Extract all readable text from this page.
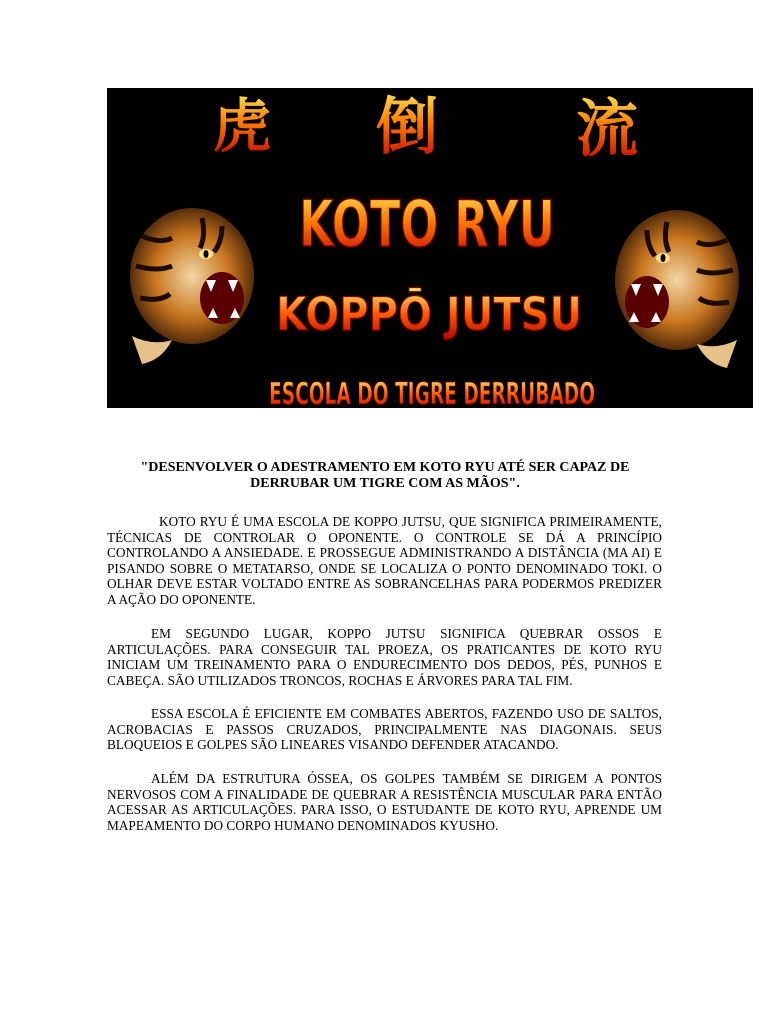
虎 倒 流
KOTO RYU
KOPPŌ JUTSU
ESCOLA DO TIGRE DERRUBADO

"DESENVOLVER O ADESTRAMENTO EM KOTO RYU ATÉ SER CAPAZ DE DERRUBAR UM TIGRE COM AS MÃOS".

KOTO RYU É UMA ESCOLA DE KOPPO JUTSU, QUE SIGNIFICA PRIMEIRAMENTE, TÉCNICAS DE CONTROLAR O OPONENTE. O CONTROLE SE DÁ A PRINCÍPIO CONTROLANDO A ANSIEDADE. E PROSSEGUE ADMINISTRANDO A DISTÂNCIA (MA AI) E PISANDO SOBRE O METATARSO, ONDE SE LOCALIZA O PONTO DENOMINADO TOKI. O OLHAR DEVE ESTAR VOLTADO ENTRE AS SOBRANCELHAS PARA PODERMOS PREDIZER A AÇÃO DO OPONENTE.

EM SEGUNDO LUGAR, KOPPO JUTSU SIGNIFICA QUEBRAR OSSOS E ARTICULAÇÕES. PARA CONSEGUIR TAL PROEZA, OS PRATICANTES DE KOTO RYU INICIAM UM TREINAMENTO PARA O ENDURECIMENTO DOS DEDOS, PÉS, PUNHOS E CABEÇA. SÃO UTILIZADOS TRONCOS, ROCHAS E ÁRVORES PARA TAL FIM.

ESSA ESCOLA É EFICIENTE EM COMBATES ABERTOS, FAZENDO USO DE SALTOS, ACROBACIAS E PASSOS CRUZADOS, PRINCIPALMENTE NAS DIAGONAIS. SEUS BLOQUEIOS E GOLPES SÃO LINEARES VISANDO DEFENDER ATACANDO.

ALÉM DA ESTRUTURA ÓSSEA, OS GOLPES TAMBÉM SE DIRIGEM A PONTOS NERVOSOS COM A FINALIDADE DE QUEBRAR A RESISTÊNCIA MUSCULAR PARA ENTÃO ACESSAR AS ARTICULAÇÕES. PARA ISSO, O ESTUDANTE DE KOTO RYU, APRENDE UM MAPEAMENTO DO CORPO HUMANO DENOMINADOS KYUSHO.
